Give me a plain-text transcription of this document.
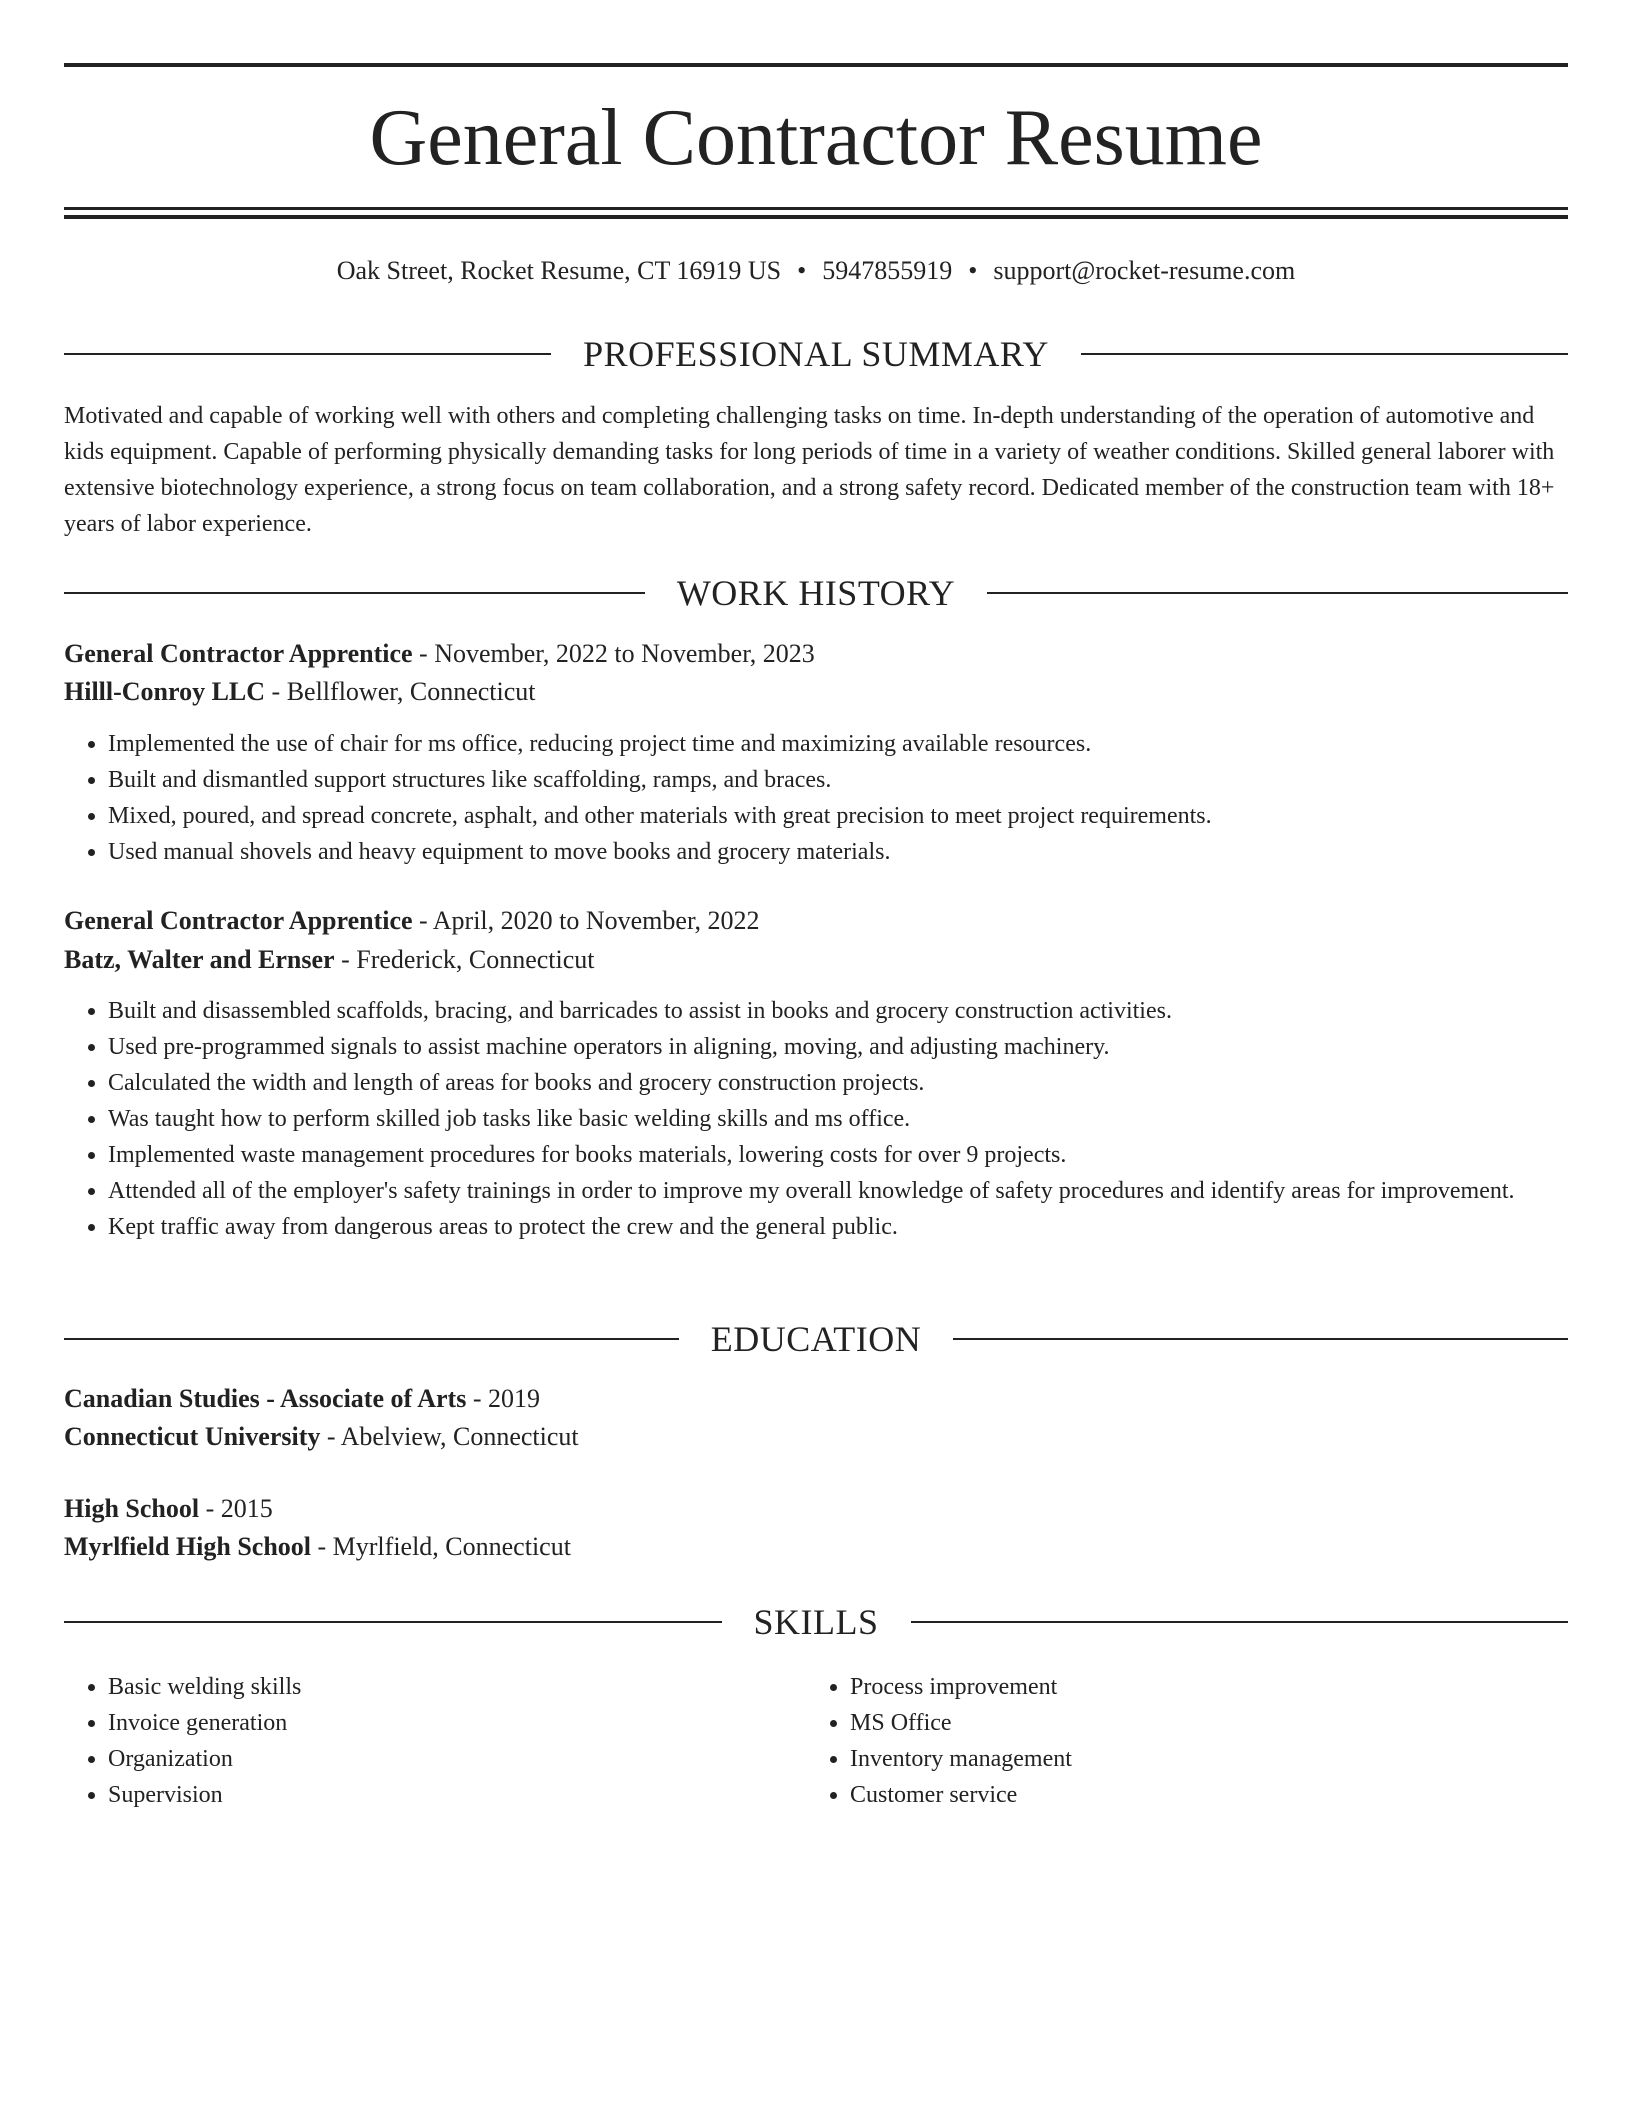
General Contractor Resume
Oak Street, Rocket Resume, CT 16919 US • 5947855919 • support@rocket-resume.com
PROFESSIONAL SUMMARY

Motivated and capable of working well with others and completing challenging tasks on time. In-depth understanding of the operation of automotive and kids equipment. Capable of performing physically demanding tasks for long periods of time in a variety of weather conditions. Skilled general laborer with extensive biotechnology experience, a strong focus on team collaboration, and a strong safety record. Dedicated member of the construction team with 18+ years of labor experience.

WORK HISTORY
General Contractor Apprentice - November, 2022 to November, 2023
Hilll-Conroy LLC - Bellflower, Connecticut
• Implemented the use of chair for ms office, reducing project time and maximizing available resources.
• Built and dismantled support structures like scaffolding, ramps, and braces.
• Mixed, poured, and spread concrete, asphalt, and other materials with great precision to meet project requirements.
• Used manual shovels and heavy equipment to move books and grocery materials.
General Contractor Apprentice - April, 2020 to November, 2022
Batz, Walter and Ernser - Frederick, Connecticut
• Built and disassembled scaffolds, bracing, and barricades to assist in books and grocery construction activities.
• Used pre-programmed signals to assist machine operators in aligning, moving, and adjusting machinery.
• Calculated the width and length of areas for books and grocery construction projects.
• Was taught how to perform skilled job tasks like basic welding skills and ms office.
• Implemented waste management procedures for books materials, lowering costs for over 9 projects.
• Attended all of the employer's safety trainings in order to improve my overall knowledge of safety procedures and identify areas for improvement.
• Kept traffic away from dangerous areas to protect the crew and the general public.
EDUCATION
Canadian Studies - Associate of Arts - 2019
Connecticut University - Abelview, Connecticut
High School - 2015
Myrlfield High School - Myrlfield, Connecticut
SKILLS
• Basic welding skills
• Invoice generation
• Organization
• Supervision
• Process improvement
• MS Office
• Inventory management
• Customer service
